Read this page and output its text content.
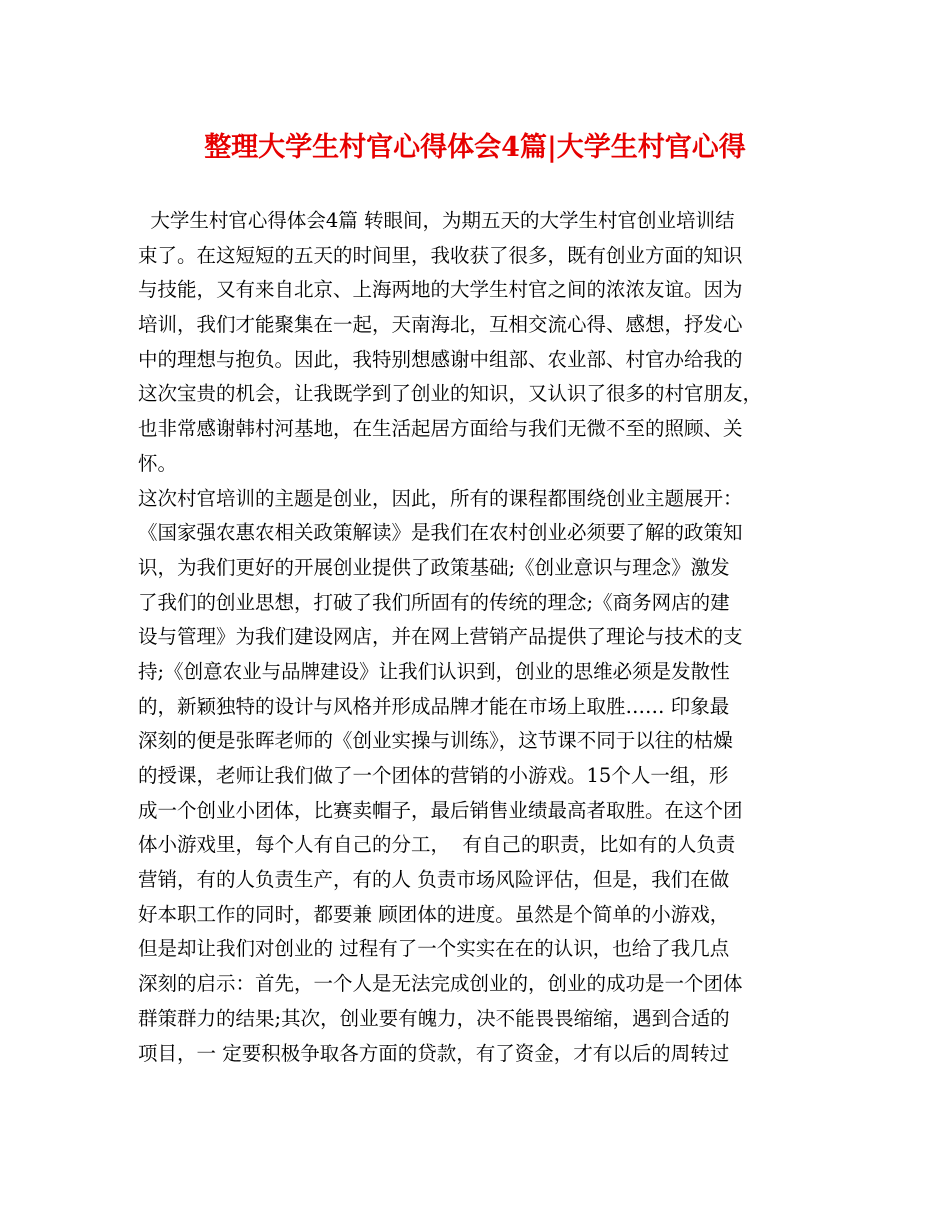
整理大学生村官心得体会4篇|大学生村官心得
大学生村官心得体会4篇 转眼间，为期五天的大学生村官创业培训结
束了。在这短短的五天的时间里，我收获了很多，既有创业方面的知识
与技能，又有来自北京、上海两地的大学生村官之间的浓浓友谊。因为
培训，我们才能聚集在一起，天南海北，互相交流心得、感想，抒发心
中的理想与抱负。因此，我特别想感谢中组部、农业部、村官办给我的
这次宝贵的机会，让我既学到了创业的知识，又认识了很多的村官朋友，
也非常感谢韩村河基地，在生活起居方面给与我们无微不至的照顾、关
怀。
这次村官培训的主题是创业，因此，所有的课程都围绕创业主题展开：
《国家强农惠农相关政策解读》是我们在农村创业必须要了解的政策知
识，为我们更好的开展创业提供了政策基础;《创业意识与理念》激发
了我们的创业思想，打破了我们所固有的传统的理念;《商务网店的建
设与管理》为我们建设网店，并在网上营销产品提供了理论与技术的支
持;《创意农业与品牌建设》让我们认识到，创业的思维必须是发散性
的，新颖独特的设计与风格并形成品牌才能在市场上取胜…… 印象最
深刻的便是张晖老师的《创业实操与训练》，这节课不同于以往的枯燥
的授课，老师让我们做了一个团体的营销的小游戏。15个人一组，形
成一个创业小团体，比赛卖帽子，最后销售业绩最高者取胜。在这个团
体小游戏里，每个人有自己的分工，  有自己的职责，比如有的人负责
营销，有的人负责生产，有的人 负责市场风险评估，但是，我们在做
好本职工作的同时，都要兼 顾团体的进度。虽然是个简单的小游戏，
但是却让我们对创业的 过程有了一个实实在在的认识，也给了我几点
深刻的启示：首先，一个人是无法完成创业的，创业的成功是一个团体
群策群力的结果;其次，创业要有魄力，决不能畏畏缩缩，遇到合适的
项目，一 定要积极争取各方面的贷款，有了资金，才有以后的周转过
